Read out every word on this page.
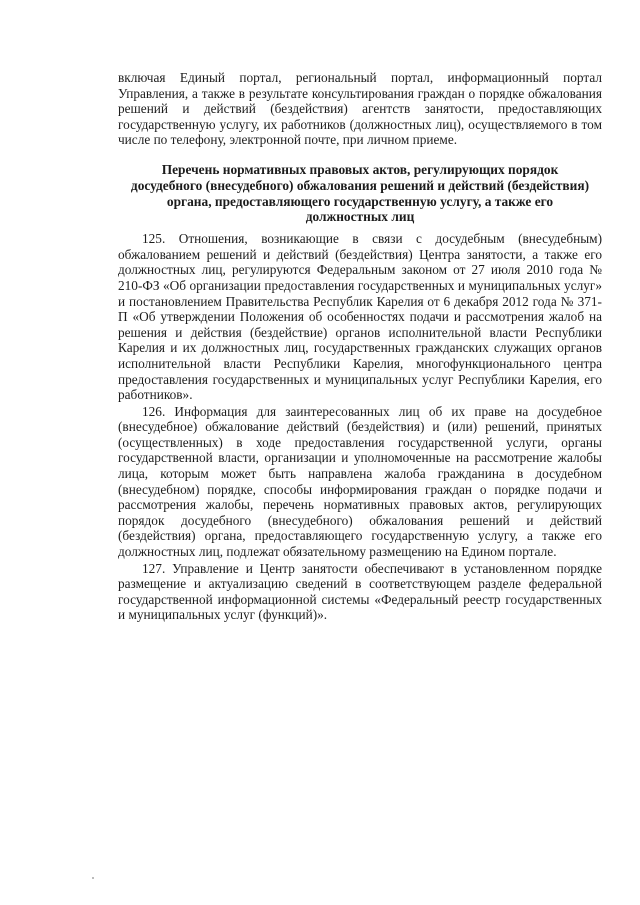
включая Единый портал, региональный портал, информационный портал Управления, а также в результате консультирования граждан о порядке обжалования решений и действий (бездействия) агентств занятости, предоставляющих государственную услугу, их работников (должностных лиц), осуществляемого в том числе по телефону, электронной почте, при личном приеме.

Перечень нормативных правовых актов, регулирующих порядок досудебного (внесудебного) обжалования решений и действий (бездействия) органа, предоставляющего государственную услугу, а также его должностных лиц

125. Отношения, возникающие в связи с досудебным (внесудебным) обжалованием решений и действий (бездействия) Центра занятости, а также его должностных лиц, регулируются Федеральным законом от 27 июля 2010 года № 210-ФЗ «Об организации предоставления государственных и муниципальных услуг» и постановлением Правительства Республик Карелия от 6 декабря 2012 года № 371-П «Об утверждении Положения об особенностях подачи и рассмотрения жалоб на решения и действия (бездействие) органов исполнительной власти Республики Карелия и их должностных лиц, государственных гражданских служащих органов исполнительной власти Республики Карелия, многофункционального центра предоставления государственных и муниципальных услуг Республики Карелия, его работников».

126. Информация для заинтересованных лиц об их праве на досудебное (внесудебное) обжалование действий (бездействия) и (или) решений, принятых (осуществленных) в ходе предоставления государственной услуги, органы государственной власти, организации и уполномоченные на рассмотрение жалобы лица, которым может быть направлена жалоба гражданина в досудебном (внесудебном) порядке, способы информирования граждан о порядке подачи и рассмотрения жалобы, перечень нормативных правовых актов, регулирующих порядок досудебного (внесудебного) обжалования решений и действий (бездействия) органа, предоставляющего государственную услугу, а также его должностных лиц, подлежат обязательному размещению на Едином портале.

127. Управление и Центр занятости обеспечивают в установленном порядке размещение и актуализацию сведений в соответствующем разделе федеральной государственной информационной системы «Федеральный реестр государственных и муниципальных услуг (функций)».
